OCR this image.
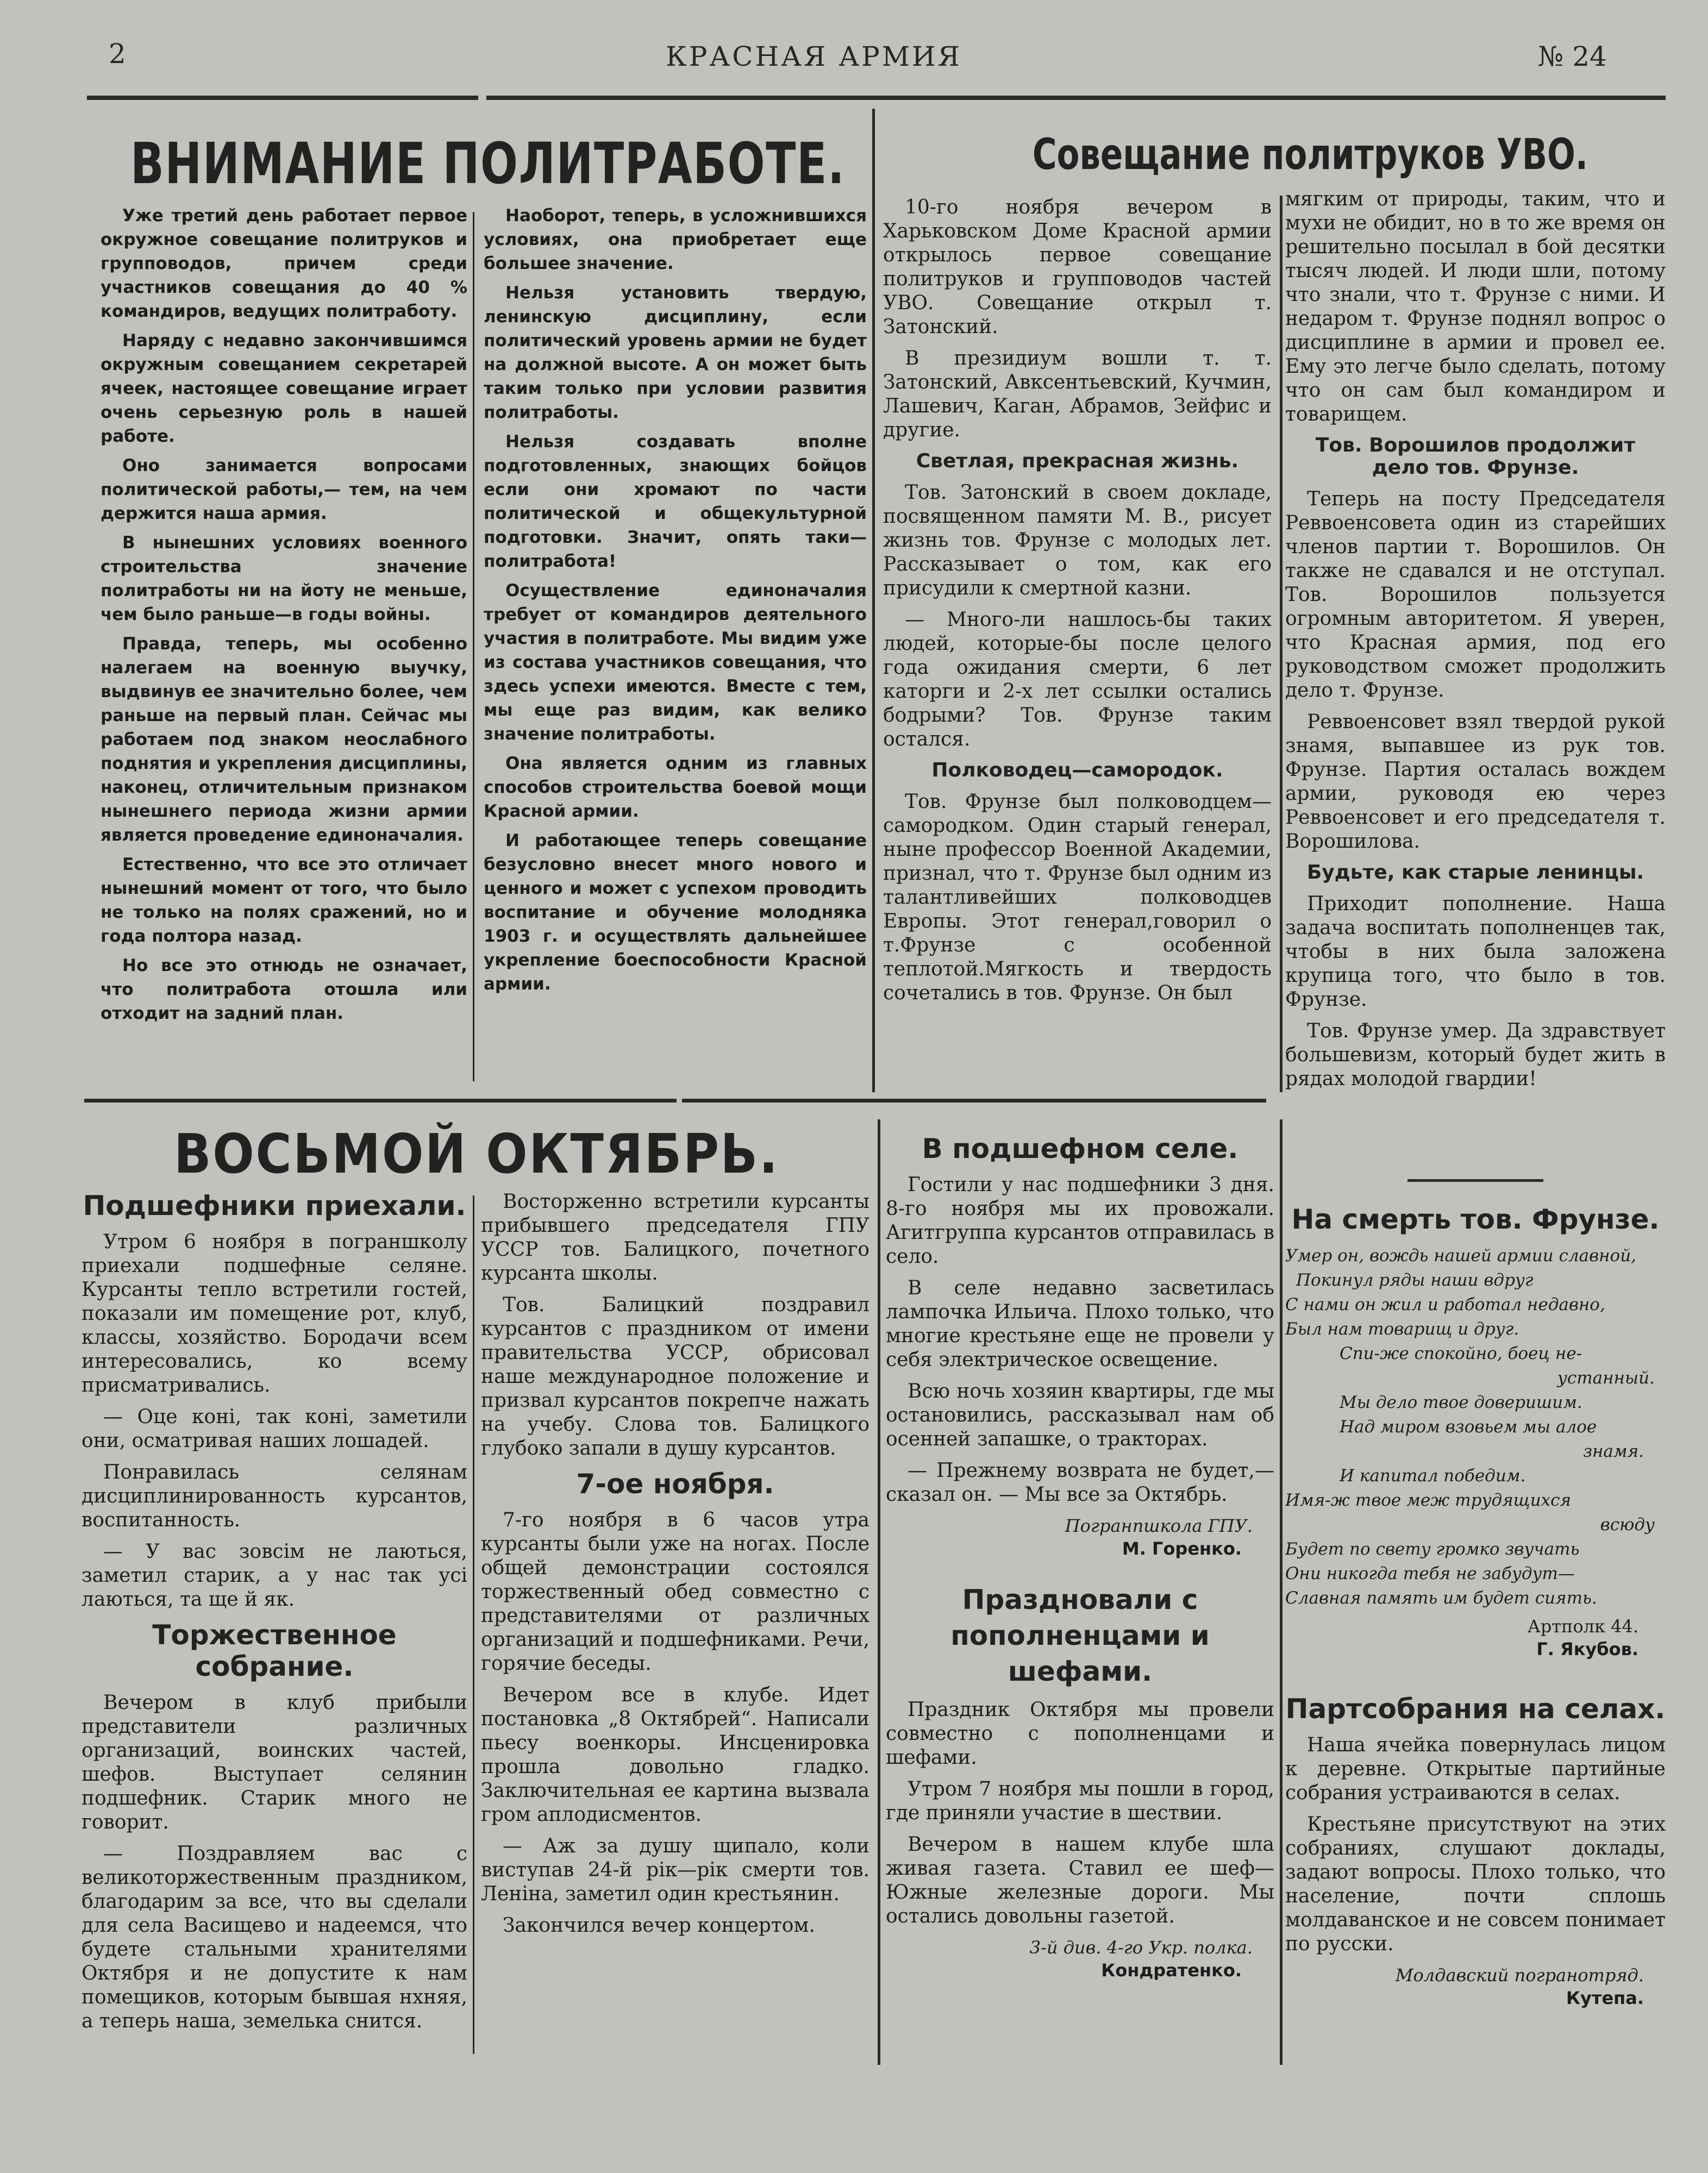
2	КРАСНАЯ АРМИЯ	№ 24
ВНИМАНИЕ ПОЛИТРАБОТЕ.

Уже третий день работает первое окружное совещание политруков и групповодов, причем среди участников совещания до 40 % командиров, ведущих политработу.

Наряду с недавно закончившимся окружным совещанием секретарей ячеек, настоящее совещание играет очень серьезную роль в нашей работе.

Оно занимается вопросами политической работы,— тем, на чем держится наша армия.

В нынешних условиях военного строительства значение политработы ни на йоту не меньше, чем было раньше—в годы войны.

Правда, теперь, мы особенно налегаем на военную выучку, выдвинув ее значительно более, чем раньше на первый план. Сейчас мы работаем под знаком неослабного поднятия и укрепления дисциплины, наконец, отличительным признаком нынешнего периода жизни армии является проведение единоначалия.

Естественно, что все это отличает нынешний момент от того, что было не только на полях сражений, но и года полтора назад.

Но все это отнюдь не означает, что политработа отошла или отходит на задний план.

Наоборот, теперь, в усложнившихся условиях, она приобретает еще большее значение.

Нельзя установить твердую, ленинскую дисциплину, если политический уровень армии не будет на должной высоте. А он может быть таким только при условии развития политработы.

Нельзя создавать вполне подготовленных, знающих бойцов если они хромают по части политической и общекультурной подготовки. Значит, опять таки—политработа!

Осуществление единоначалия требует от командиров деятельного участия в политработе. Мы видим уже из состава участников совещания, что здесь успехи имеются. Вместе с тем, мы еще раз видим, как велико значение политработы.

Она является одним из главных способов строительства боевой мощи Красной армии.

И работающее теперь совещание безусловно внесет много нового и ценного и может с успехом проводить воспитание и обучение молодняка 1903 г. и осуществлять дальнейшее укрепление боеспособности Красной армии.

Совещание политруков УВО.

10-го ноября вечером в Харьковском Доме Красной армии открылось первое совещание политруков и групповодов частей УВО. Совещание открыл т. Затонский.

В президиум вошли т. т. Затонский, Авксентьевский, Кучмин, Лашевич, Каган, Абрамов, Зейфис и другие.

Светлая, прекрасная жизнь.

Тов. Затонский в своем докладе, посвященном памяти М. В., рисует жизнь тов. Фрунзе с молодых лет. Рассказывает о том, как его присудили к смертной казни.

— Много-ли нашлось-бы таких людей, которые-бы после целого года ожидания смерти, 6 лет каторги и 2-х лет ссылки остались бодрыми? Тов. Фрунзе таким остался.

Полководец—самородок.

Тов. Фрунзе был полководцем—самородком. Один старый генерал, ныне профессор Военной Академии, признал, что т. Фрунзе был одним из талантливейших полководцев Европы. Этот генерал,говорил о т.Фрунзе с особенной теплотой.Мягкость и твердость сочетались в тов. Фрунзе. Он был

мягким от природы, таким, что и мухи не обидит, но в то же время он решительно посылал в бой десятки тысяч людей. И люди шли, потому что знали, что т. Фрунзе с ними. И недаром т. Фрунзе поднял вопрос о дисциплине в армии и провел ее. Ему это легче было сделать, потому что он сам был командиром и товарищем.

Тов. Ворошилов продолжит дело тов. Фрунзе.

Теперь на посту Председателя Реввоенсовета один из старейших членов партии т. Ворошилов. Он также не сдавался и не отступал. Тов. Ворошилов пользуется огромным авторитетом. Я уверен, что Красная армия, под его руководством сможет продолжить дело т. Фрунзе.

Реввоенсовет взял твердой рукой знамя, выпавшее из рук тов. Фрунзе. Партия осталась вождем армии, руководя ею через Реввоенсовет и его председателя т. Ворошилова.

Будьте, как старые ленинцы.

Приходит пополнение. Наша задача воспитать пополненцев так, чтобы в них была заложена крупица того, что было в тов. Фрунзе.

Тов. Фрунзе умер. Да здравствует большевизм, который будет жить в рядах молодой гвардии!

ВОСЬМОЙ ОКТЯБРЬ.
Подшефники приехали.

Утром 6 ноября в пограншколу приехали подшефные селяне. Курсанты тепло встретили гостей, показали им помещение рот, клуб, классы, хозяйство. Бородачи всем интересовались, ко всему присматривались.

— Оце коні, так коні, заметили они, осматривая наших лошадей.

Понравилась селянам дисциплинированность курсантов, воспитанность.

— У вас зовсім не лаються, заметил старик, а у нас так усі лаються, та ще й як.

Торжественное собрание.

Вечером в клуб прибыли представители различных организаций, воинских частей, шефов. Выступает селянин подшефник. Старик много не говорит.

— Поздравляем вас с великоторжественным праздником, благодарим за все, что вы сделали для села Васищево и надеемся, что будете стальными хранителями Октября и не допустите к нам помещиков, которым бывшая нхняя, а теперь наша, земелька снится.

Восторженно встретили курсанты прибывшего председателя ГПУ УССР тов. Балицкого, почетного курсанта школы.

Тов. Балицкий поздравил курсантов с праздником от имени правительства УССР, обрисовал наше международное положение и призвал курсантов покрепче нажать на учебу. Слова тов. Балицкого глубоко запали в душу курсантов.

7-ое ноября.

7-го ноября в 6 часов утра курсанты были уже на ногах. После общей демонстрации состоялся торжественный обед совместно с представителями от различных организаций и подшефниками. Речи, горячие беседы.

Вечером все в клубе. Идет постановка „8 Октябрей“. Написали пьесу военкоры. Инсценировка прошла довольно гладко. Заключительная ее картина вызвала гром аплодисментов.

— Аж за душу щипало, коли виступав 24-й рік—рік смерти тов. Леніна, заметил один крестьянин.

Закончился вечер концертом.

В подшефном селе.

Гостили у нас подшефники 3 дня. 8-го ноября мы их провожали. Агитгруппа курсантов отправилась в село.

В селе недавно засветилась лампочка Ильича. Плохо только, что многие крестьяне еще не провели у себя электрическое освещение.

Всю ночь хозяин квартиры, где мы остановились, рассказывал нам об осенней запашке, о тракторах.

— Прежнему возврата не будет,—сказал он. — Мы все за Октябрь.

Погранпшкола ГПУ.
М. Горенко.
Праздновали с пополненцами и шефами.

Праздник Октября мы провели совместно с пополненцами и шефами.

Утром 7 ноября мы пошли в город, где приняли участие в шествии.

Вечером в нашем клубе шла живая газета. Ставил ее шеф—Южные железные дороги. Мы остались довольны газетой.

3-й див. 4-го Укр. полка.
Кондратенко.
На смерть тов. Фрунзе.
Умер он, вождь нашей армии славной,
Покинул ряды наши вдруг
С нами он жил и работал недавно,
Был нам товарищ и друг.
Спи-же спокойно, боец не-
устанный.
Мы дело твое доверишим.
Над миром взовьем мы алое
знамя.
И капитал победим.
Имя-ж твое меж трудящихся
всюду
Будет по свету громко звучать
Они никогда тебя не забудут—
Славная память им будет сиять.
Артполк 44.
Г. Якубов.
Партсобрания на селах.

Наша ячейка повернулась лицом к деревне. Открытые партийные собрания устраиваются в селах.

Крестьяне присутствуют на этих собраниях, слушают доклады, задают вопросы. Плохо только, что население, почти сплошь молдаванское и не совсем понимает по русски.

Молдавский погранотряд.
Кутепа.
